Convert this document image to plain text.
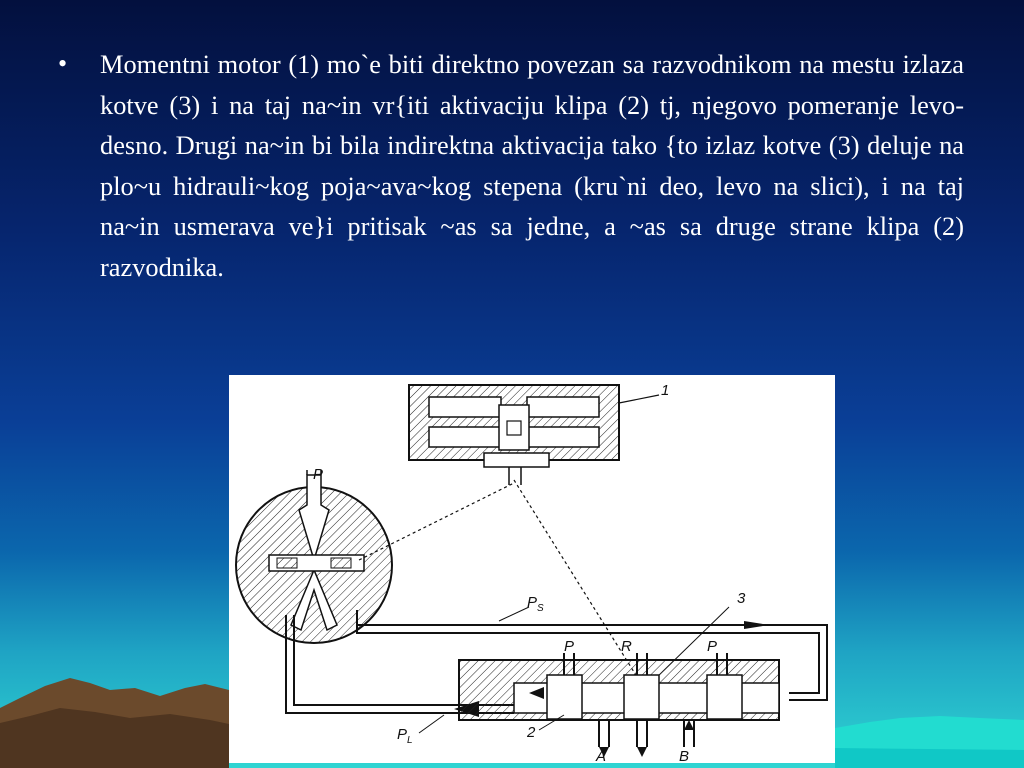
•	Momentni motor (1) mo`e biti direktno povezan sa razvodnikom na mestu izlaza kotve (3) i na taj na~in vr{iti aktivaciju klipa (2) tj, njegovo pomeranje levo-desno. Drugi na~in bi bila indirektna aktivacija tako {to izlaz kotve (3) deluje na  plo~u hidrauli~kog poja~ava~kog stepena (kru`ni deo, levo na slici), i na taj na~in usmerava ve}i pritisak ~as sa jedne, a ~as sa druge strane klipa (2) razvodnika.
1
P
$P_S$
3
P	R	P
A	B
2
$P_L$
